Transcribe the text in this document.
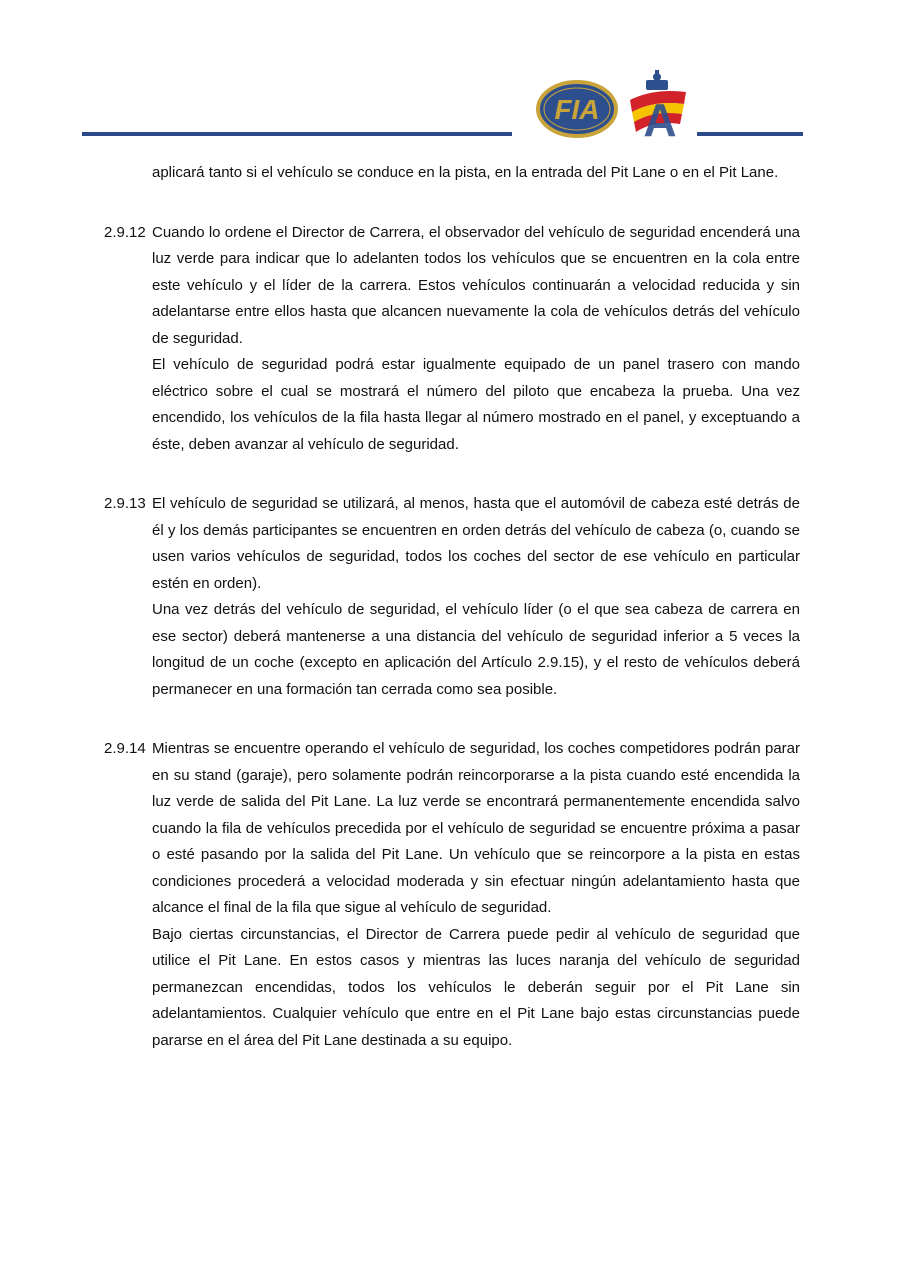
FIA A

aplicará tanto si el vehículo se conduce en la pista, en la entrada del Pit Lane o en el Pit Lane.

2.9.12 Cuando lo ordene el Director de Carrera, el observador del vehículo de seguridad encenderá una luz verde para indicar que lo adelanten todos los vehículos que se encuentren en la cola entre este vehículo y el líder de la carrera. Estos vehículos continuarán a velocidad reducida y sin adelantarse entre ellos hasta que alcancen nuevamente la cola de vehículos detrás del vehículo de seguridad.

El vehículo de seguridad podrá estar igualmente equipado de un panel trasero con mando eléctrico sobre el cual se mostrará el número del piloto que encabeza la prueba. Una vez encendido, los vehículos de la fila hasta llegar al número mostrado en el panel, y exceptuando a éste, deben avanzar al vehículo de seguridad.

2.9.13 El vehículo de seguridad se utilizará, al menos, hasta que el automóvil de cabeza esté detrás de él y los demás participantes se encuentren en orden detrás del vehículo de cabeza (o, cuando se usen varios vehículos de seguridad, todos los coches del sector de ese vehículo en particular estén en orden).

Una vez detrás del vehículo de seguridad, el vehículo líder (o el que sea cabeza de carrera en ese sector) deberá mantenerse a una distancia del vehículo de seguridad inferior a 5 veces la longitud de un coche (excepto en aplicación del Artículo 2.9.15), y el resto de vehículos deberá permanecer en una formación tan cerrada como sea posible.

2.9.14 Mientras se encuentre operando el vehículo de seguridad, los coches competidores podrán parar en su stand (garaje), pero solamente podrán reincorporarse a la pista cuando esté encendida la luz verde de salida del Pit Lane. La luz verde se encontrará permanentemente encendida salvo cuando la fila de vehículos precedida por el vehículo de seguridad se encuentre próxima a pasar o esté pasando por la salida del Pit Lane. Un vehículo que se reincorpore a la pista en estas condiciones procederá a velocidad moderada y sin efectuar ningún adelantamiento hasta que alcance el final de la fila que sigue al vehículo de seguridad.

Bajo ciertas circunstancias, el Director de Carrera puede pedir al vehículo de seguridad que utilice el Pit Lane. En estos casos y mientras las luces naranja del vehículo de seguridad permanezcan encendidas, todos los vehículos le deberán seguir por el Pit Lane sin adelantamientos. Cualquier vehículo que entre en el Pit Lane bajo estas circunstancias puede pararse en el área del Pit Lane destinada a su equipo.
